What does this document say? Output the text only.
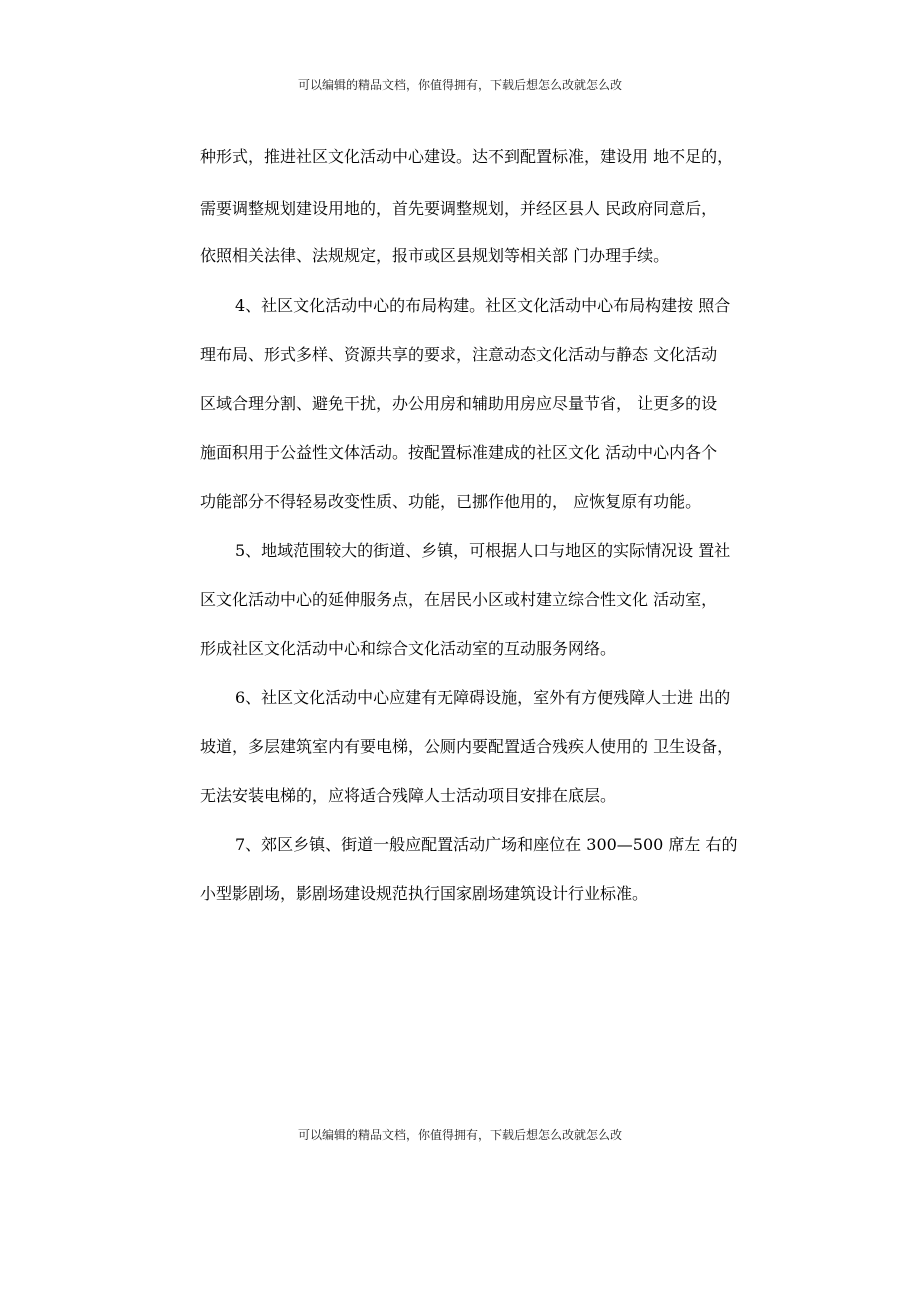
可以编辑的精品文档，你值得拥有，下载后想怎么改就怎么改
种形式，推进社区文化活动中心建设。达不到配置标准，建设用 地不足的，
需要调整规划建设用地的，首先要调整规划，并经区县人 民政府同意后，
依照相关法律、法规规定，报市或区县规划等相关部 门办理手续。
4、社区文化活动中心的布局构建。社区文化活动中心布局构建按 照合
理布局、形式多样、资源共享的要求，注意动态文化活动与静态 文化活动
区域合理分割、避免干扰，办公用房和辅助用房应尽量节省， 让更多的设
施面积用于公益性文体活动。按配置标准建成的社区文化 活动中心内各个
功能部分不得轻易改变性质、功能，已挪作他用的， 应恢复原有功能。
5、地域范围较大的街道、乡镇，可根据人口与地区的实际情况设 置社
区文化活动中心的延伸服务点，在居民小区或村建立综合性文化 活动室，
形成社区文化活动中心和综合文化活动室的互动服务网络。
6、社区文化活动中心应建有无障碍设施，室外有方便残障人士进 出的
坡道，多层建筑室内有要电梯，公厕内要配置适合残疾人使用的 卫生设备，
无法安装电梯的，应将适合残障人士活动项目安排在底层。
7、郊区乡镇、街道一般应配置活动广场和座位在 300—500 席左 右的
小型影剧场，影剧场建设规范执行国家剧场建筑设计行业标准。
可以编辑的精品文档，你值得拥有，下载后想怎么改就怎么改
